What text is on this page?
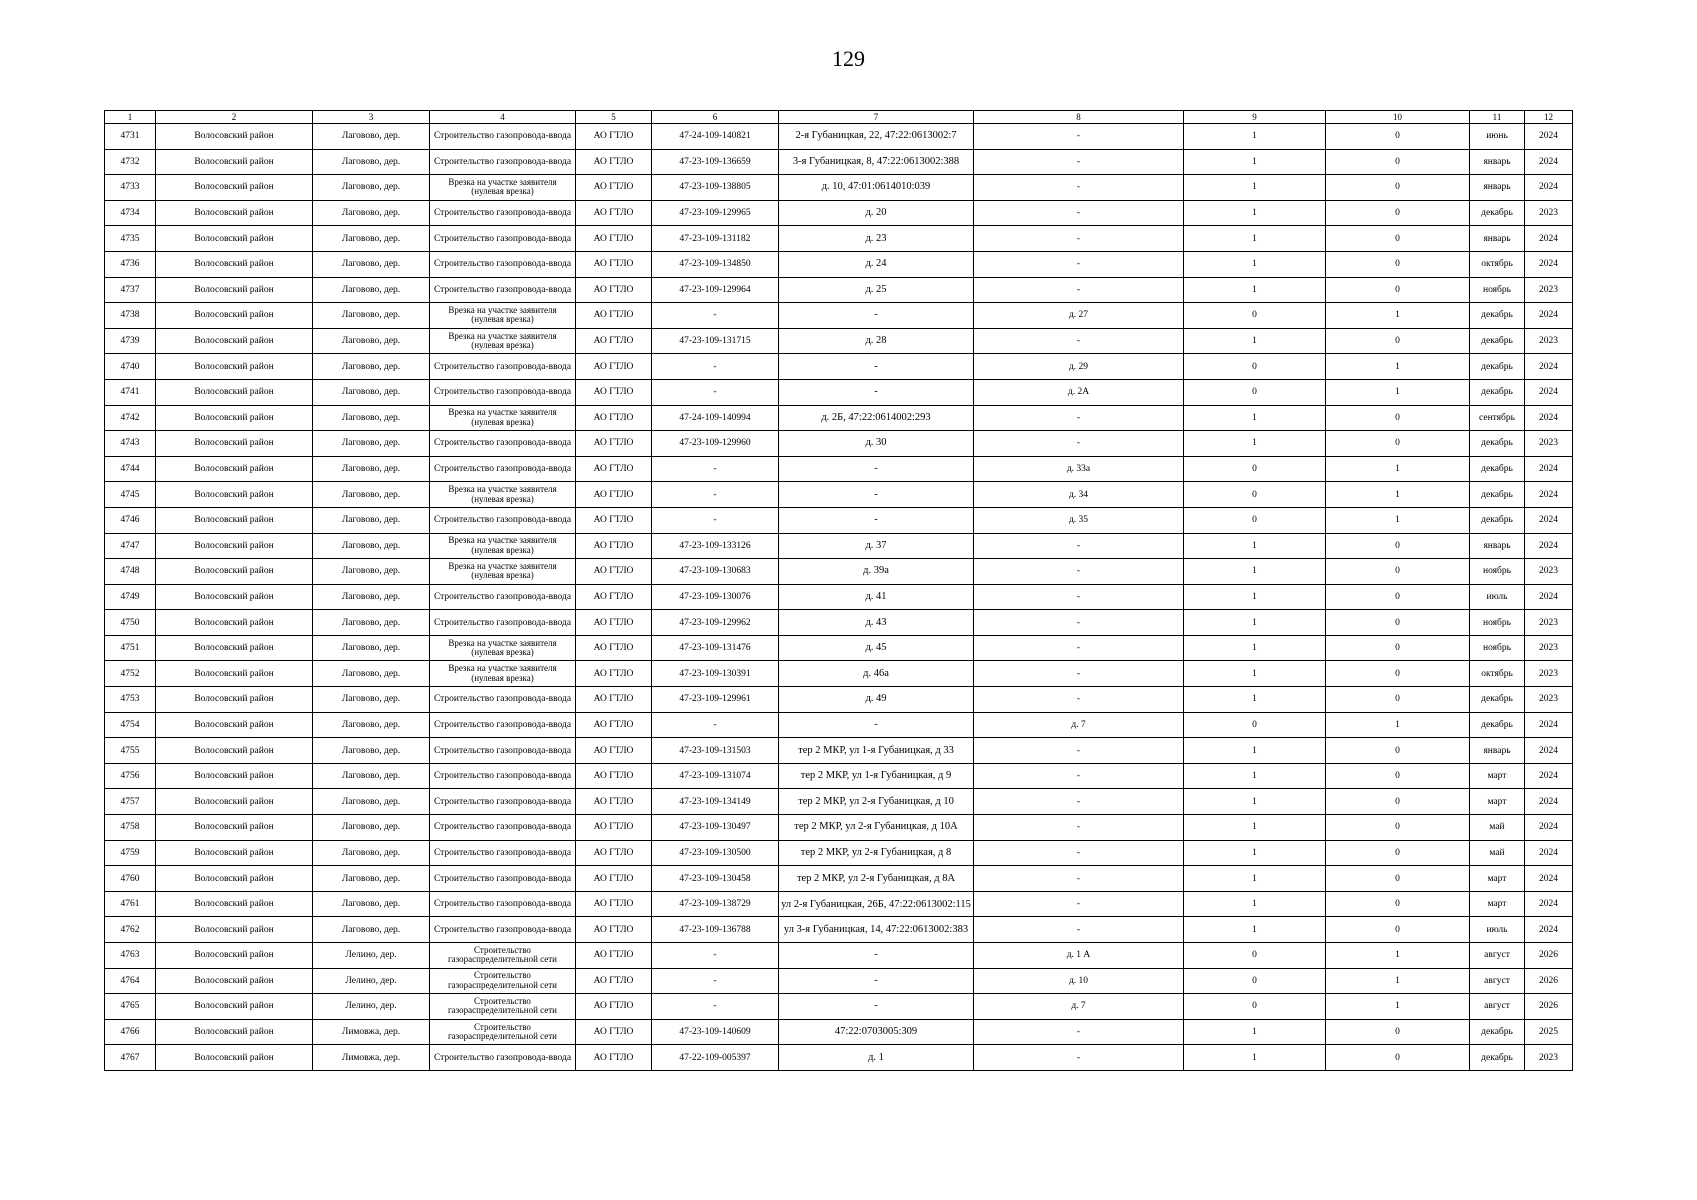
129
1	2	3	4	5	6	7	8	9	10	11	12
4731	Волосовский район	Лаговово, дер.	Строительство газопровода-ввода	АО ГТЛО	47-24-109-140821	2-я Губаницкая, 22, 47:22:0613002:7	-	1	0	июнь	2024
4732	Волосовский район	Лаговово, дер.	Строительство газопровода-ввода	АО ГТЛО	47-23-109-136659	3-я Губаницкая, 8, 47:22:0613002:388	-	1	0	январь	2024
4733	Волосовский район	Лаговово, дер.	Врезка на участке заявителя (нулевая врезка)	АО ГТЛО	47-23-109-138805	д. 10, 47:01:0614010:039	-	1	0	январь	2024
4734	Волосовский район	Лаговово, дер.	Строительство газопровода-ввода	АО ГТЛО	47-23-109-129965	д. 20	-	1	0	декабрь	2023
4735	Волосовский район	Лаговово, дер.	Строительство газопровода-ввода	АО ГТЛО	47-23-109-131182	д. 23	-	1	0	январь	2024
4736	Волосовский район	Лаговово, дер.	Строительство газопровода-ввода	АО ГТЛО	47-23-109-134850	д. 24	-	1	0	октябрь	2024
4737	Волосовский район	Лаговово, дер.	Строительство газопровода-ввода	АО ГТЛО	47-23-109-129964	д. 25	-	1	0	ноябрь	2023
4738	Волосовский район	Лаговово, дер.	Врезка на участке заявителя (нулевая врезка)	АО ГТЛО	-	-	д. 27	0	1	декабрь	2024
4739	Волосовский район	Лаговово, дер.	Врезка на участке заявителя (нулевая врезка)	АО ГТЛО	47-23-109-131715	д. 28	-	1	0	декабрь	2023
4740	Волосовский район	Лаговово, дер.	Строительство газопровода-ввода	АО ГТЛО	-	-	д. 29	0	1	декабрь	2024
4741	Волосовский район	Лаговово, дер.	Строительство газопровода-ввода	АО ГТЛО	-	-	д. 2А	0	1	декабрь	2024
4742	Волосовский район	Лаговово, дер.	Врезка на участке заявителя (нулевая врезка)	АО ГТЛО	47-24-109-140994	д. 2Б, 47:22:0614002:293	-	1	0	сентябрь	2024
4743	Волосовский район	Лаговово, дер.	Строительство газопровода-ввода	АО ГТЛО	47-23-109-129960	д. 30	-	1	0	декабрь	2023
4744	Волосовский район	Лаговово, дер.	Строительство газопровода-ввода	АО ГТЛО	-	-	д. 33а	0	1	декабрь	2024
4745	Волосовский район	Лаговово, дер.	Врезка на участке заявителя (нулевая врезка)	АО ГТЛО	-	-	д. 34	0	1	декабрь	2024
4746	Волосовский район	Лаговово, дер.	Строительство газопровода-ввода	АО ГТЛО	-	-	д. 35	0	1	декабрь	2024
4747	Волосовский район	Лаговово, дер.	Врезка на участке заявителя (нулевая врезка)	АО ГТЛО	47-23-109-133126	д. 37	-	1	0	январь	2024
4748	Волосовский район	Лаговово, дер.	Врезка на участке заявителя (нулевая врезка)	АО ГТЛО	47-23-109-130683	д. 39а	-	1	0	ноябрь	2023
4749	Волосовский район	Лаговово, дер.	Строительство газопровода-ввода	АО ГТЛО	47-23-109-130076	д. 41	-	1	0	июль	2024
4750	Волосовский район	Лаговово, дер.	Строительство газопровода-ввода	АО ГТЛО	47-23-109-129962	д. 43	-	1	0	ноябрь	2023
4751	Волосовский район	Лаговово, дер.	Врезка на участке заявителя (нулевая врезка)	АО ГТЛО	47-23-109-131476	д. 45	-	1	0	ноябрь	2023
4752	Волосовский район	Лаговово, дер.	Врезка на участке заявителя (нулевая врезка)	АО ГТЛО	47-23-109-130391	д. 46а	-	1	0	октябрь	2023
4753	Волосовский район	Лаговово, дер.	Строительство газопровода-ввода	АО ГТЛО	47-23-109-129961	д. 49	-	1	0	декабрь	2023
4754	Волосовский район	Лаговово, дер.	Строительство газопровода-ввода	АО ГТЛО	-	-	д. 7	0	1	декабрь	2024
4755	Волосовский район	Лаговово, дер.	Строительство газопровода-ввода	АО ГТЛО	47-23-109-131503	тер 2 МКР, ул 1-я Губаницкая, д 33	-	1	0	январь	2024
4756	Волосовский район	Лаговово, дер.	Строительство газопровода-ввода	АО ГТЛО	47-23-109-131074	тер 2 МКР, ул 1-я Губаницкая, д 9	-	1	0	март	2024
4757	Волосовский район	Лаговово, дер.	Строительство газопровода-ввода	АО ГТЛО	47-23-109-134149	тер 2 МКР, ул 2-я Губаницкая, д 10	-	1	0	март	2024
4758	Волосовский район	Лаговово, дер.	Строительство газопровода-ввода	АО ГТЛО	47-23-109-130497	тер 2 МКР, ул 2-я Губаницкая, д 10А	-	1	0	май	2024
4759	Волосовский район	Лаговово, дер.	Строительство газопровода-ввода	АО ГТЛО	47-23-109-130500	тер 2 МКР, ул 2-я Губаницкая, д 8	-	1	0	май	2024
4760	Волосовский район	Лаговово, дер.	Строительство газопровода-ввода	АО ГТЛО	47-23-109-130458	тер 2 МКР, ул 2-я Губаницкая, д 8А	-	1	0	март	2024
4761	Волосовский район	Лаговово, дер.	Строительство газопровода-ввода	АО ГТЛО	47-23-109-138729	ул 2-я Губаницкая, 26Б, 47:22:0613002:115	-	1	0	март	2024
4762	Волосовский район	Лаговово, дер.	Строительство газопровода-ввода	АО ГТЛО	47-23-109-136788	ул 3-я Губаницкая, 14, 47:22:0613002:383	-	1	0	июль	2024
4763	Волосовский район	Лелино, дер.	Строительство газораспределительной сети	АО ГТЛО	-	-	д. 1 А	0	1	август	2026
4764	Волосовский район	Лелино, дер.	Строительство газораспределительной сети	АО ГТЛО	-	-	д. 10	0	1	август	2026
4765	Волосовский район	Лелино, дер.	Строительство газораспределительной сети	АО ГТЛО	-	-	д. 7	0	1	август	2026
4766	Волосовский район	Лимовжа, дер.	Строительство газораспределительной сети	АО ГТЛО	47-23-109-140609	47:22:0703005:309	-	1	0	декабрь	2025
4767	Волосовский район	Лимовжа, дер.	Строительство газопровода-ввода	АО ГТЛО	47-22-109-005397	д. 1	-	1	0	декабрь	2023
